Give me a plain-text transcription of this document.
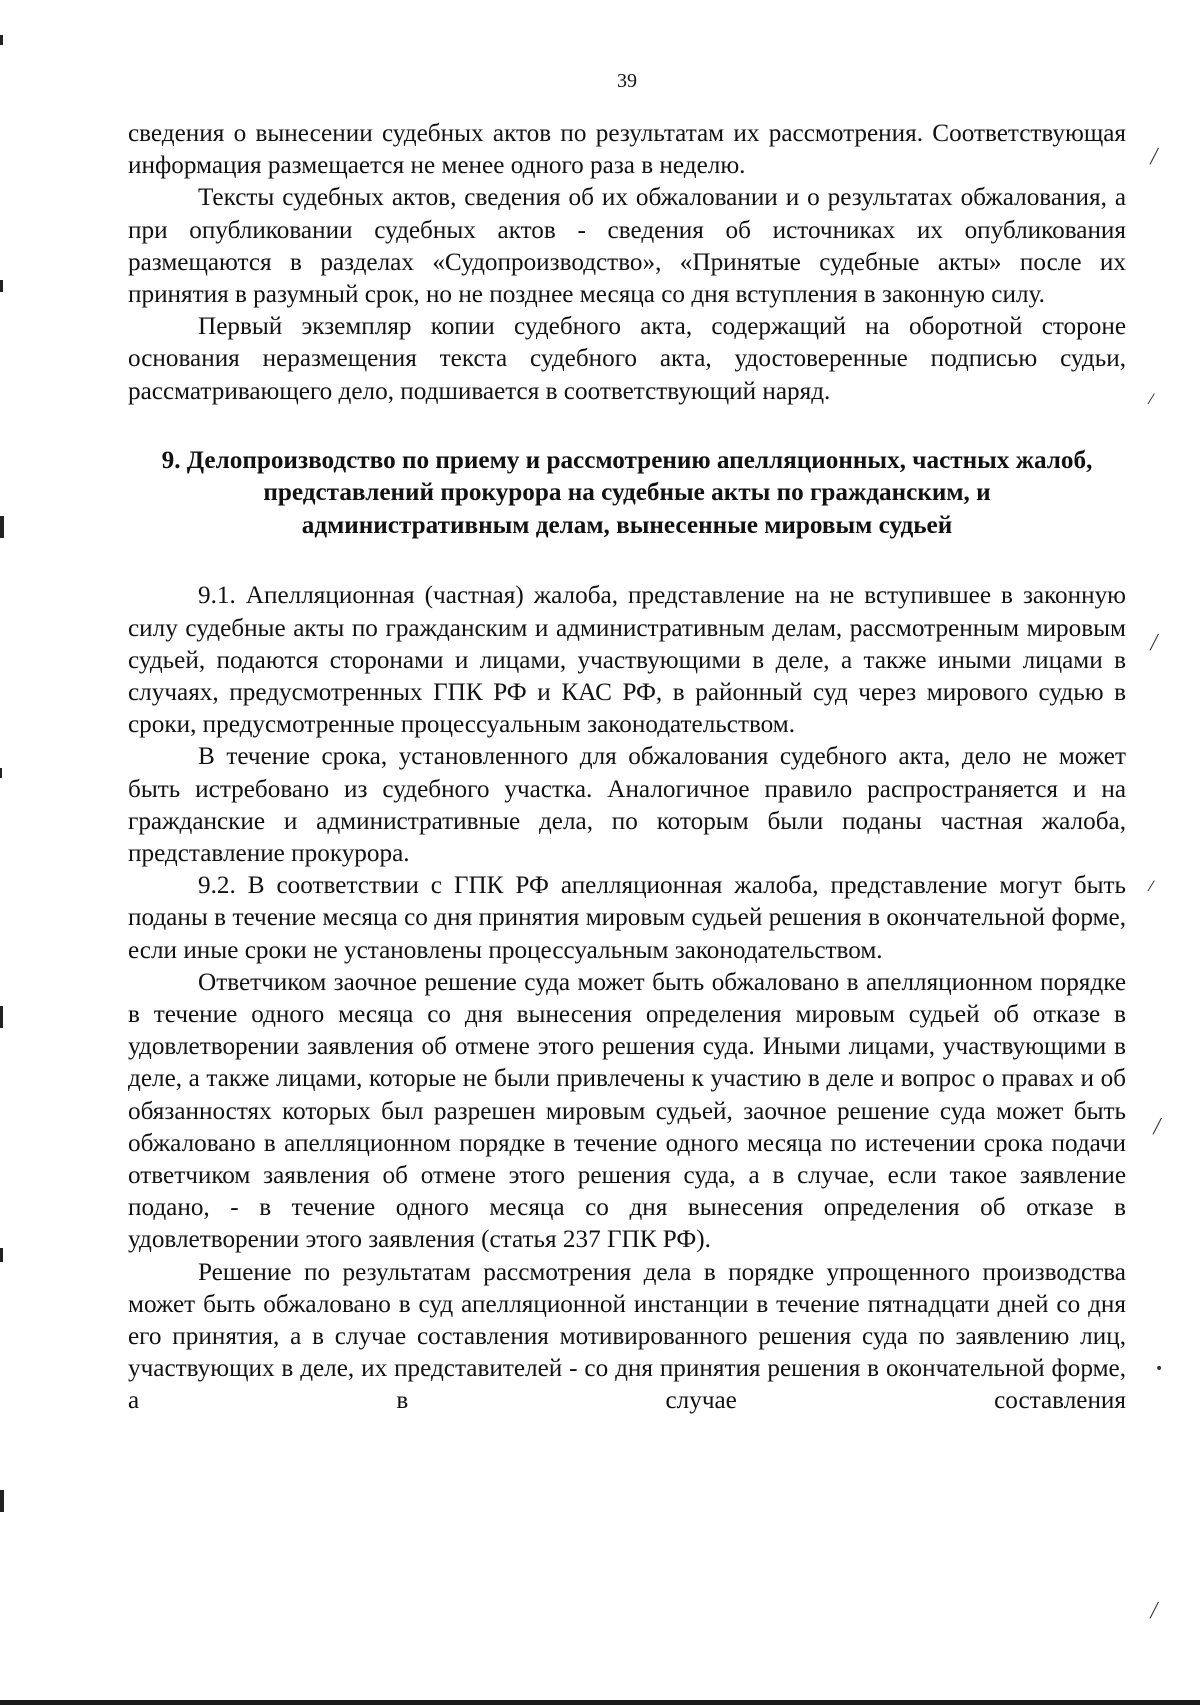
39

сведения о вынесении судебных актов по результатам их рассмотрения. Соответствующая информация размещается не менее одного раза в неделю.

Тексты судебных актов, сведения об их обжаловании и о результатах обжалования, а при опубликовании судебных актов - сведения об источниках их опубликования размещаются в разделах «Судопроизводство», «Принятые судебные акты» после их принятия в разумный срок, но не позднее месяца со дня вступления в законную силу.

Первый экземпляр копии судебного акта, содержащий на оборотной стороне основания неразмещения текста судебного акта, удостоверенные подписью судьи, рассматривающего дело, подшивается в соответствующий наряд.

9. Делопроизводство по приему и рассмотрению апелляционных, частных жалоб, представлений прокурора на судебные акты по гражданским, и административным делам, вынесенные мировым судьей

9.1. Апелляционная (частная) жалоба, представление на не вступившее в законную силу судебные акты по гражданским и административным делам, рассмотренным мировым судьей, подаются сторонами и лицами, участвующими в деле, а также иными лицами в случаях, предусмотренных ГПК РФ и КАС РФ, в районный суд через мирового судью в сроки, предусмотренные процессуальным законодательством.

В течение срока, установленного для обжалования судебного акта, дело не может быть истребовано из судебного участка. Аналогичное правило распространяется и на гражданские и административные дела, по которым были поданы частная жалоба, представление прокурора.

9.2. В соответствии с ГПК РФ апелляционная жалоба, представление могут быть поданы в течение месяца со дня принятия мировым судьей решения в окончательной форме, если иные сроки не установлены процессуальным законодательством.

Ответчиком заочное решение суда может быть обжаловано в апелляционном порядке в течение одного месяца со дня вынесения определения мировым судьей об отказе в удовлетворении заявления об отмене этого решения суда. Иными лицами, участвующими в деле, а также лицами, которые не были привлечены к участию в деле и вопрос о правах и об обязанностях которых был разрешен мировым судьей, заочное решение суда может быть обжаловано в апелляционном порядке в течение одного месяца по истечении срока подачи ответчиком заявления об отмене этого решения суда, а в случае, если такое заявление подано, - в течение одного месяца со дня вынесения определения об отказе в удовлетворении этого заявления (статья 237 ГПК РФ).

Решение по результатам рассмотрения дела в порядке упрощенного производства может быть обжаловано в суд апелляционной инстанции в течение пятнадцати дней со дня его принятия, а в случае составления мотивированного решения суда по заявлению лиц, участвующих в деле, их представителей - со дня принятия решения в окончательной форме, а в случае составления

╱
⁄
╱
⁄
╱
•
╱
